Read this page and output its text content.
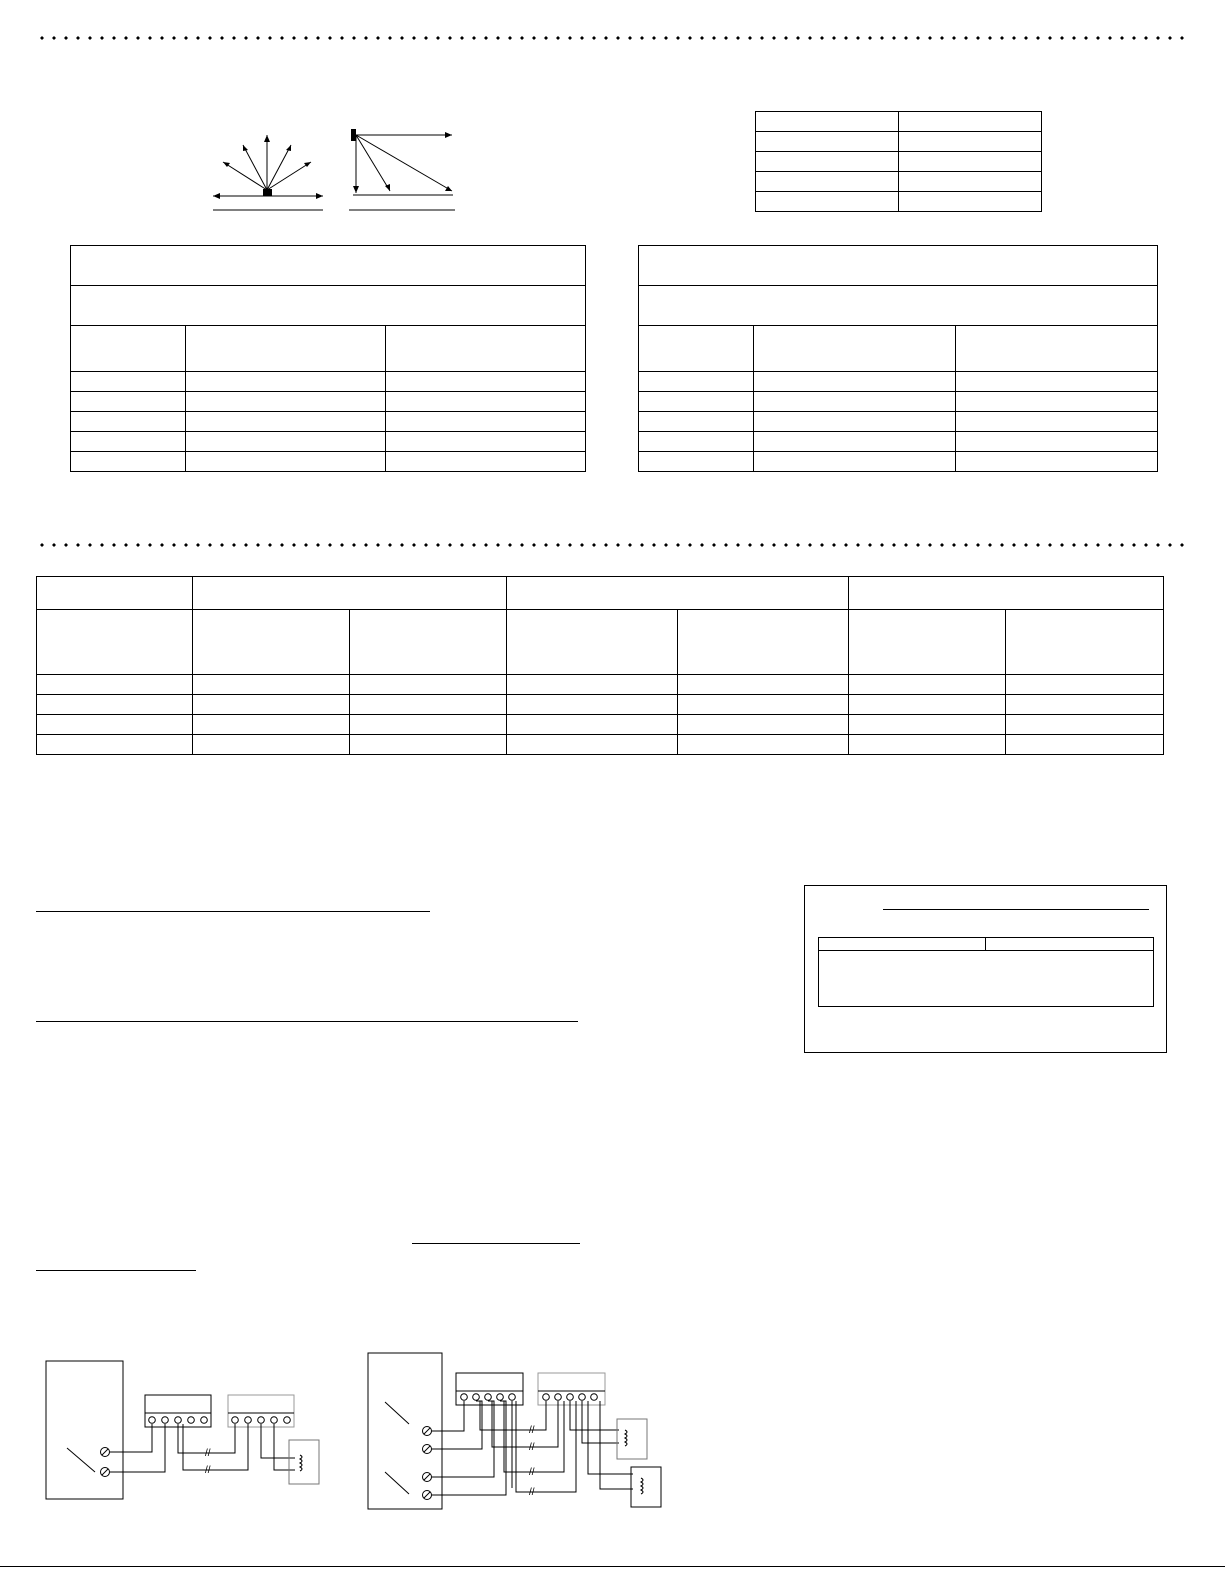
//
//
//
//
//
//
